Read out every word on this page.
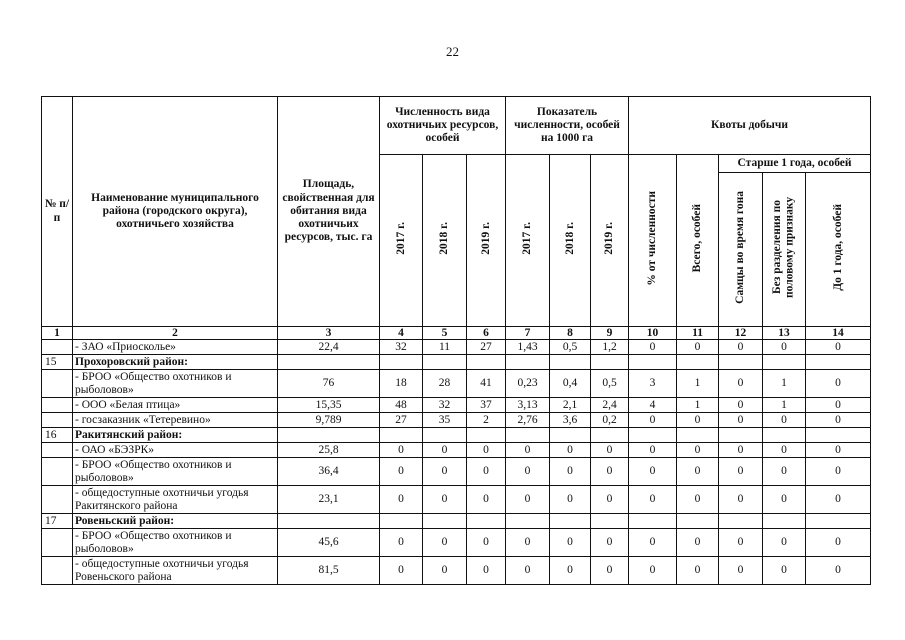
22
№ п/п	Наименование муниципального района (городского округа), охотничьего хозяйства	Площадь, свойственная для обитания вида охотничьих ресурсов, тыс. га	Численность вида охотничьих ресурсов, особей			Показатель численности, особей на 1000 га			Квоты добычи				
			2017 г.	2018 г.	2019 г.	2017 г.	2018 г.	2019 г.	% от численности	Всего, особей	Старше 1 года, особей		
											Самцы во время гона	Без разделения по половому признаку	До 1 года, особей
1	2	3	4	5	6	7	8	9	10	11	12	13	14
	- ЗАО «Приосколье»	22,4	32	11	27	1,43	0,5	1,2	0	0	0	0	0
15	Прохоровский район:												
	- БРОО «Общество охотников и рыболовов»	76	18	28	41	0,23	0,4	0,5	3	1	0	1	0
	- ООО «Белая птица»	15,35	48	32	37	3,13	2,1	2,4	4	1	0	1	0
	- госзаказник «Тетеревино»	9,789	27	35	2	2,76	3,6	0,2	0	0	0	0	0
16	Ракитянский район:												
	- ОАО «БЭЗРК»	25,8	0	0	0	0	0	0	0	0	0	0	0
	- БРОО «Общество охотников и рыболовов»	36,4	0	0	0	0	0	0	0	0	0	0	0
	- общедоступные охотничьи угодья Ракитянского района	23,1	0	0	0	0	0	0	0	0	0	0	0
17	Ровеньский район:												
	- БРОО «Общество охотников и рыболовов»	45,6	0	0	0	0	0	0	0	0	0	0	0
	- общедоступные охотничьи угодья Ровеньского района	81,5	0	0	0	0	0	0	0	0	0	0	0
